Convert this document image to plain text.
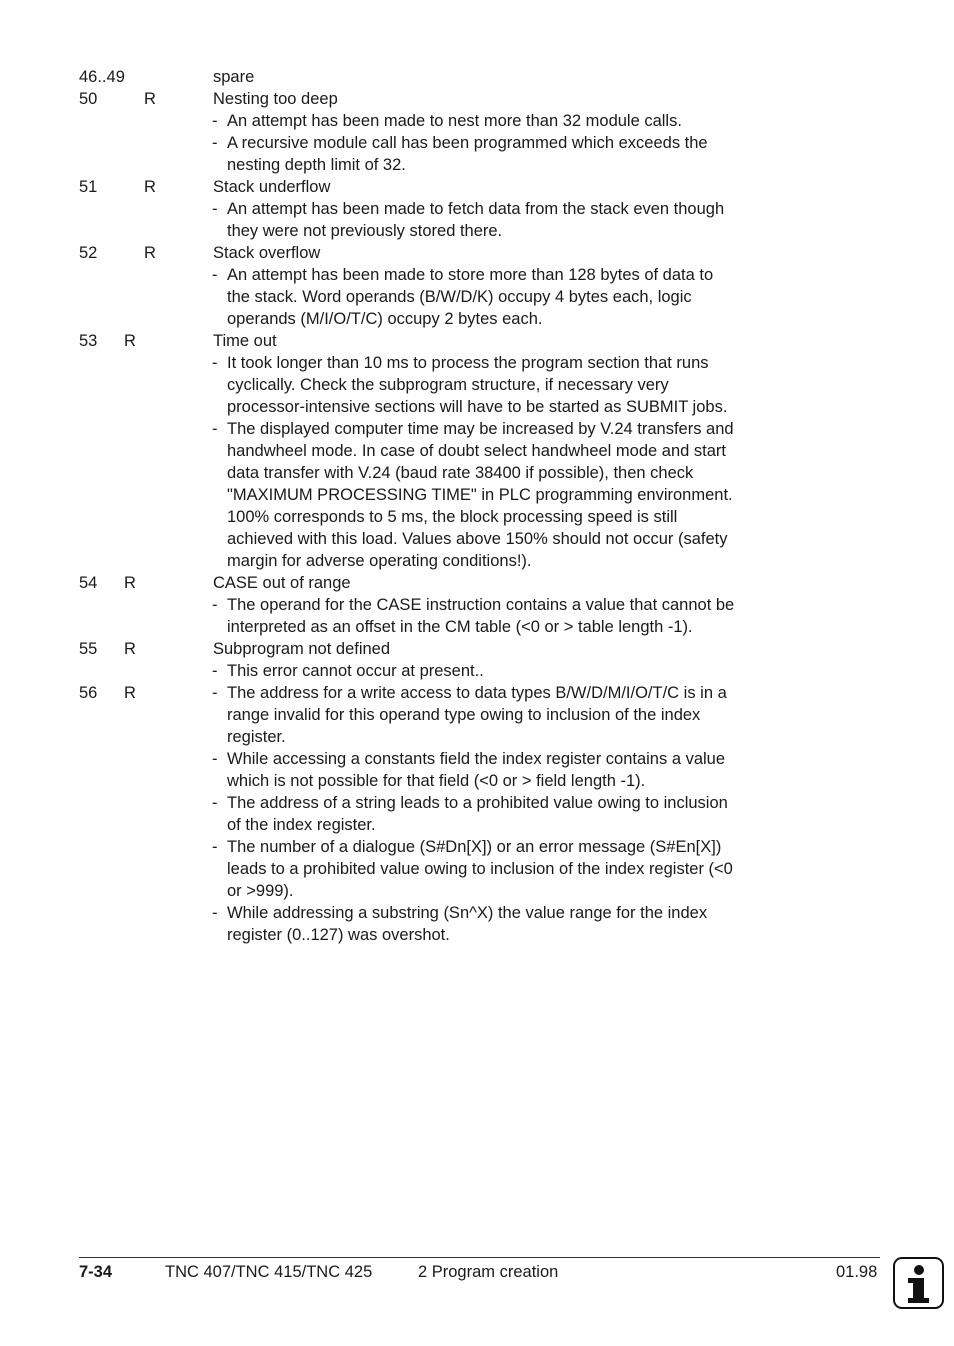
46..49	spare
50	R	Nesting too deep
- An attempt has been made to nest more than 32 module calls.
- A recursive module call has been programmed which exceeds the
nesting depth limit of 32.
51	R	Stack underflow
- An attempt has been made to fetch data from the stack even though
they were not previously stored there.
52	R	Stack overflow
- An attempt has been made to store more than 128 bytes of data to
the stack. Word operands (B/W/D/K) occupy 4 bytes each, logic
operands (M/I/O/T/C) occupy 2 bytes each.
53 R	Time out
- It took longer than 10 ms to process the program section that runs
cyclically. Check the subprogram structure, if necessary very
processor-intensive sections will have to be started as SUBMIT jobs.
- The displayed computer time may be increased by V.24 transfers and
handwheel mode. In case of doubt select handwheel mode and start
data transfer with V.24 (baud rate 38400 if possible), then check
"MAXIMUM PROCESSING TIME" in PLC programming environment.
100% corresponds to 5 ms, the block processing speed is still
achieved with this load. Values above 150% should not occur (safety
margin for adverse operating conditions!).
54 R	CASE out of range
- The operand for the CASE instruction contains a value that cannot be
interpreted as an offset in the CM table (<0 or > table length -1).
55 R	Subprogram not defined
- This error cannot occur at present..
56 R	- The address for a write access to data types B/W/D/M/I/O/T/C is in a
range invalid for this operand type owing to inclusion of the index
register.
- While accessing a constants field the index register contains a value
which is not possible for that field (<0 or > field length -1).
- The address of a string leads to a prohibited value owing to inclusion
of the index register.
- The number of a dialogue (S#Dn[X]) or an error message (S#En[X])
leads to a prohibited value owing to inclusion of the index register (<0
or >999).
- While addressing a substring (Sn^X) the value range for the index
register (0..127) was overshot.
7-34	TNC 407/TNC 415/TNC 425	2 Program creation	01.98
